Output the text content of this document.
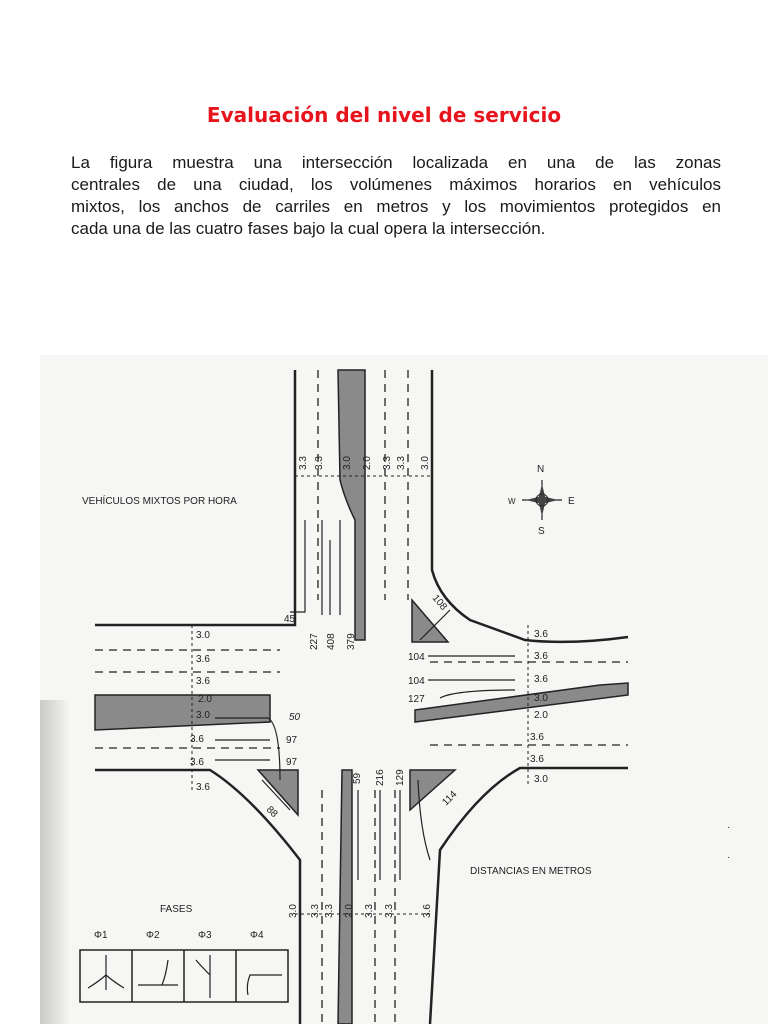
Evaluación del nivel de servicio
La figura muestra una intersección localizada en una de las zonas
centrales de una ciudad, los volúmenes máximos horarios en vehículos
mixtos, los anchos de carriles en metros y los movimientos protegidos en
cada una de las cuatro fases bajo la cual opera la intersección.
3.3 3.3 3.0 2.0 3.3 3.3 3.0
3.0 3.3 3.3 2.0 3.3 3.3	3.6
3.0
3.6
3.6
2.0
3.0
3.6
3.6
3.6
3.6
3.6
3.6
3.0
2.0
3.6
3.6
3.0
45
227 408 379
108
104
104
127
50
97
97
88
59 216 129
114
VEHÍCULOS MIXTOS POR HORA
DISTANCIAS EN METROS
FASES
N
S
E
W
Φ1	Φ2	Φ3	Φ4
·
·
